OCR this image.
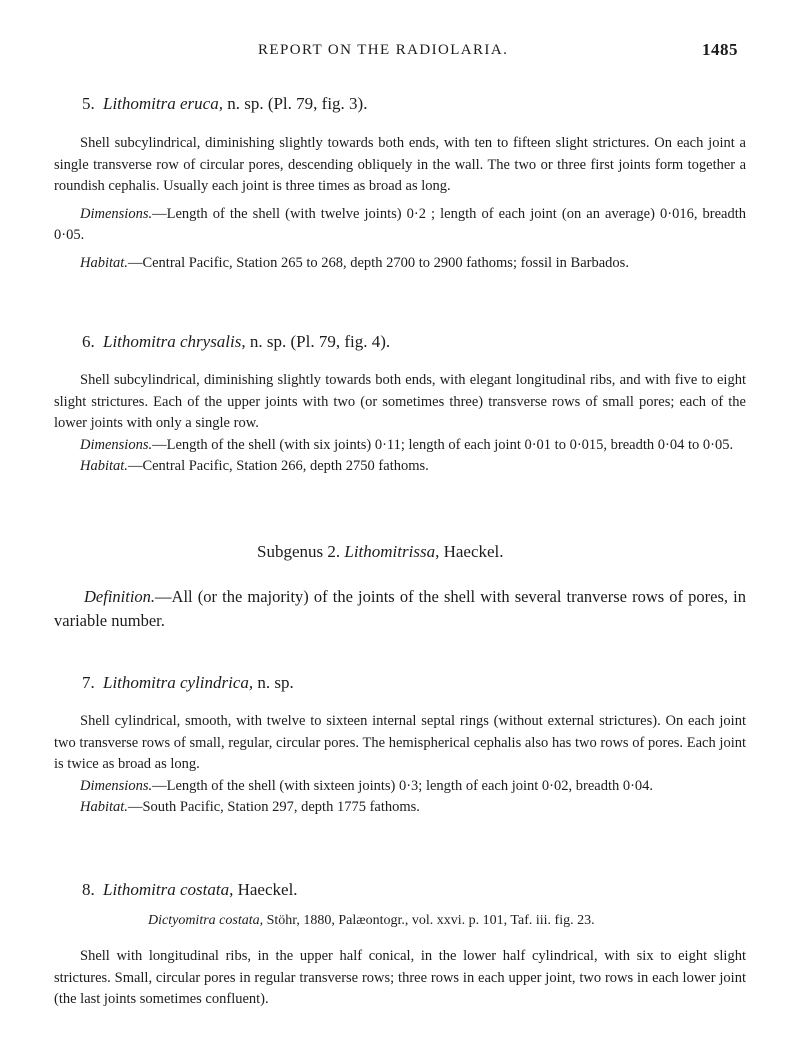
REPORT ON THE RADIOLARIA.	1485
5. Lithomitra eruca, n. sp. (Pl. 79, fig. 3).

Shell subcylindrical, diminishing slightly towards both ends, with ten to fifteen slight strictures. On each joint a single transverse row of circular pores, descending obliquely in the wall. The two or three first joints form together a roundish cephalis. Usually each joint is three times as broad as long.

Dimensions.—Length of the shell (with twelve joints) 0·2 ; length of each joint (on an average) 0·016, breadth 0·05.

Habitat.—Central Pacific, Station 265 to 268, depth 2700 to 2900 fathoms; fossil in Barbados.

6. Lithomitra chrysalis, n. sp. (Pl. 79, fig. 4).

Shell subcylindrical, diminishing slightly towards both ends, with elegant longitudinal ribs, and with five to eight slight strictures. Each of the upper joints with two (or sometimes three) transverse rows of small pores; each of the lower joints with only a single row.

Dimensions.—Length of the shell (with six joints) 0·11; length of each joint 0·01 to 0·015, breadth 0·04 to 0·05.

Habitat.—Central Pacific, Station 266, depth 2750 fathoms.

Subgenus 2. Lithomitrissa, Haeckel.

Definition.—All (or the majority) of the joints of the shell with several tranverse rows of pores, in variable number.

7. Lithomitra cylindrica, n. sp.

Shell cylindrical, smooth, with twelve to sixteen internal septal rings (without external strictures). On each joint two transverse rows of small, regular, circular pores. The hemispherical cephalis also has two rows of pores. Each joint is twice as broad as long.

Dimensions.—Length of the shell (with sixteen joints) 0·3; length of each joint 0·02, breadth 0·04.

Habitat.—South Pacific, Station 297, depth 1775 fathoms.

8. Lithomitra costata, Haeckel.
Dictyomitra costata, Stöhr, 1880, Palæontogr., vol. xxvi. p. 101, Taf. iii. fig. 23.

Shell with longitudinal ribs, in the upper half conical, in the lower half cylindrical, with six to eight slight strictures. Small, circular pores in regular transverse rows; three rows in each upper joint, two rows in each lower joint (the last joints sometimes confluent).
